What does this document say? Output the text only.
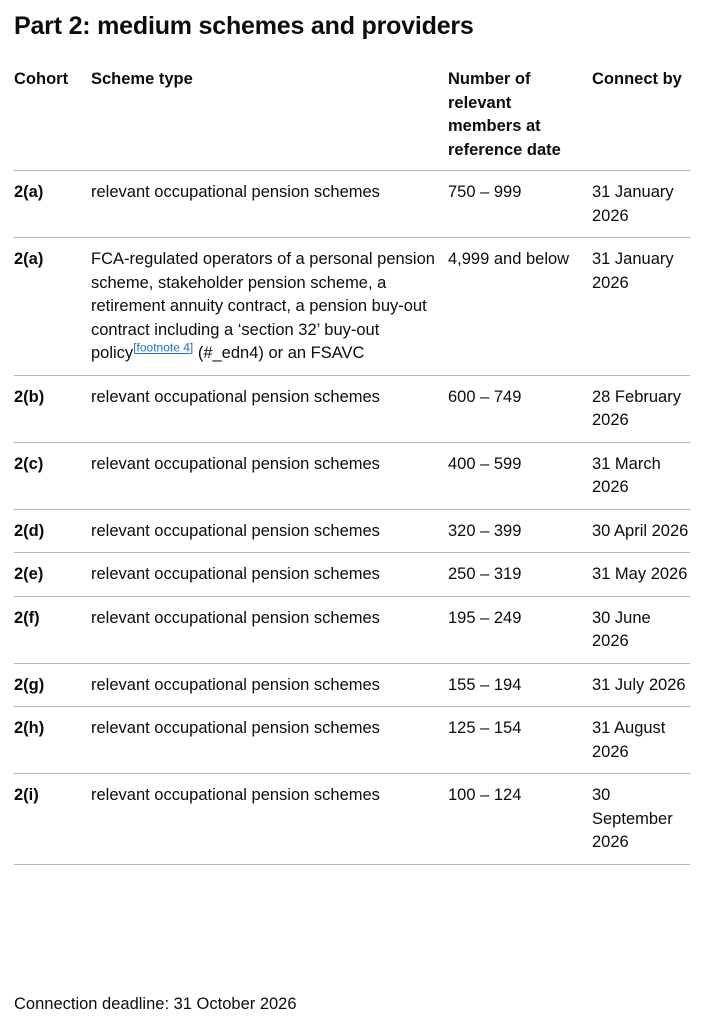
Part 2: medium schemes and providers
Cohort	Scheme type	Number of relevant members at reference date	Connect by
2(a)	relevant occupational pension schemes	750 – 999	31 January 2026
2(a)	FCA-regulated operators of a personal pension scheme, stakeholder pension scheme, a retirement annuity contract, a pension buy-out contract including a ‘section 32’ buy-out policy[footnote 4] (#_edn4) or an FSAVC	4,999 and below	31 January 2026
2(b)	relevant occupational pension schemes	600 – 749	28 February 2026
2(c)	relevant occupational pension schemes	400 – 599	31 March 2026
2(d)	relevant occupational pension schemes	320 – 399	30 April 2026
2(e)	relevant occupational pension schemes	250 – 319	31 May 2026
2(f)	relevant occupational pension schemes	195 – 249	30 June 2026
2(g)	relevant occupational pension schemes	155 – 194	31 July 2026
2(h)	relevant occupational pension schemes	125 – 154	31 August 2026
2(i)	relevant occupational pension schemes	100 – 124	30 September 2026

Connection deadline: 31 October 2026
